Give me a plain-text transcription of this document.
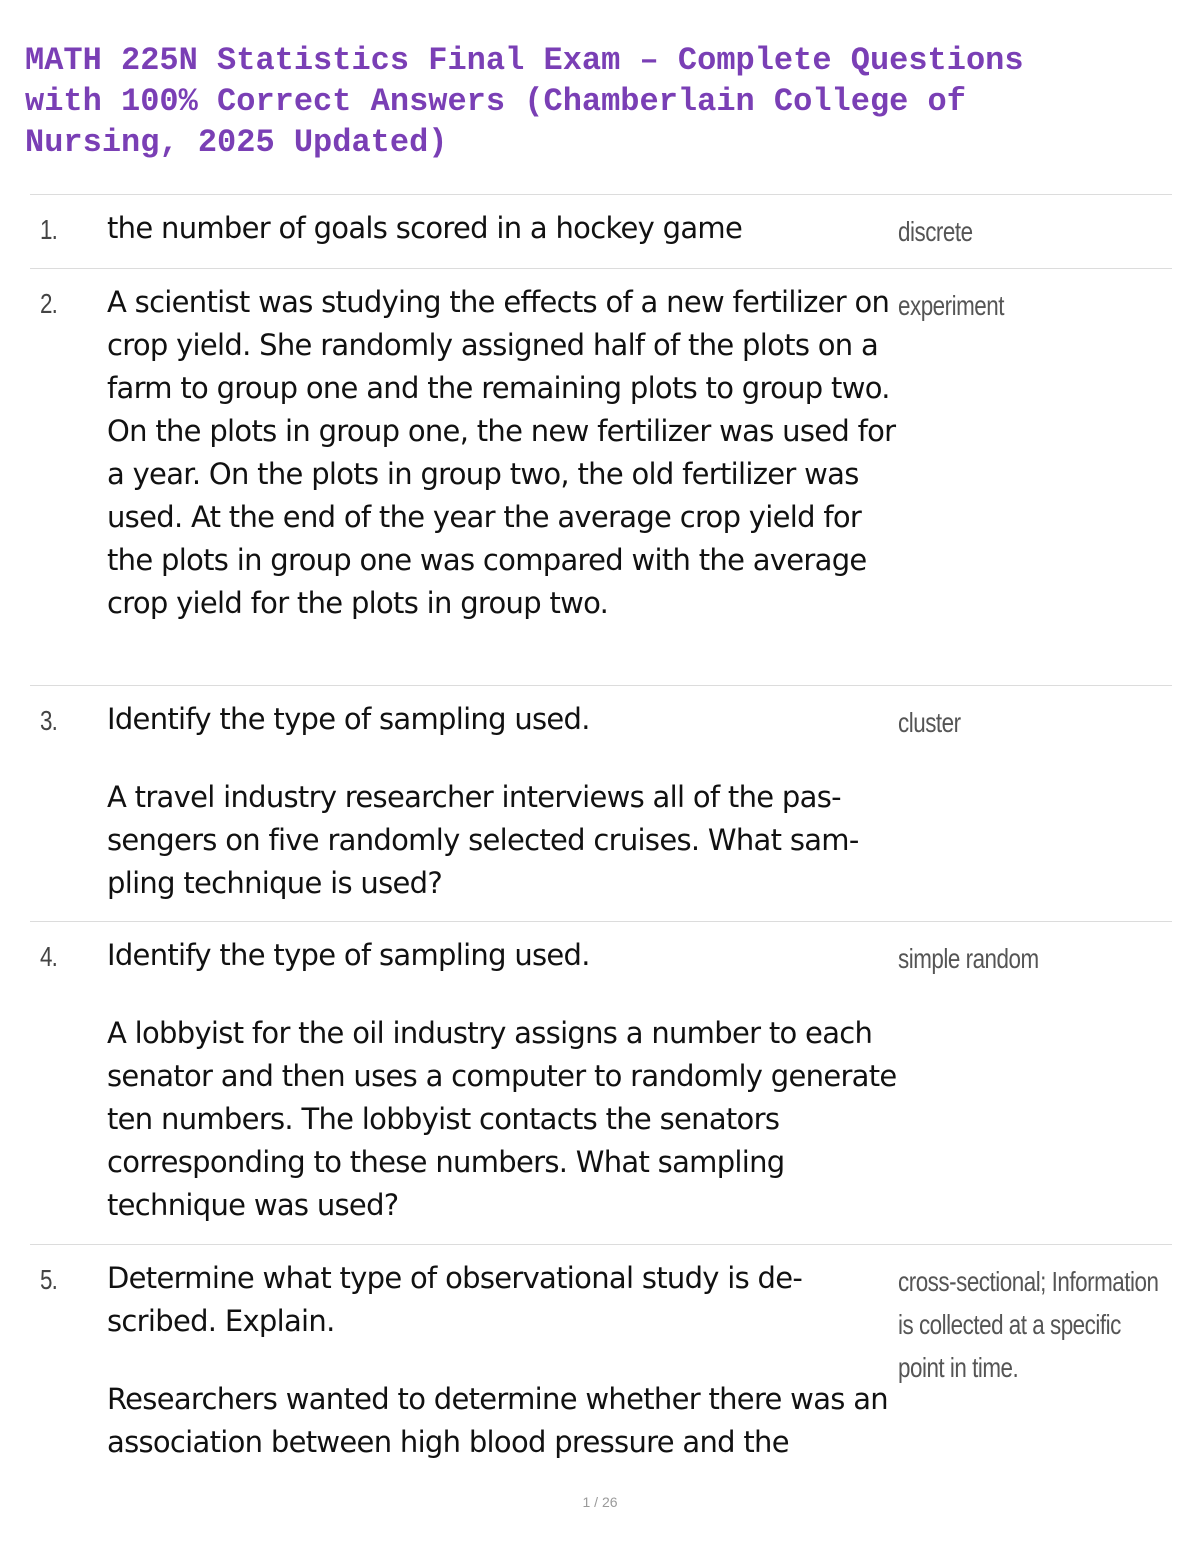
MATH 225N Statistics Final Exam – Complete Questions
with 100% Correct Answers (Chamberlain College of
Nursing, 2025 Updated)
1. the number of goals scored in a hockey game	discrete
2. A scientist was studying the effects of a new fertilizer on crop yield. She randomly assigned half of the plots on a farm to group one and the remaining plots to group two. On the plots in group one, the new fertilizer was used for a year. On the plots in group two, the old fertilizer was used. At the end of the year the average crop yield for the plots in group one was compared with the average crop yield for the plots in group two.

experiment
3. Identify the type of sampling used.

A travel industry researcher interviews all of the passengers on five randomly selected cruises. What sampling technique is used?

cluster
4. Identify the type of sampling used.

A lobbyist for the oil industry assigns a number to each senator and then uses a computer to randomly generate ten numbers. The lobbyist contacts the senators corresponding to these numbers. What sampling technique was used?

simple random
5. Determine what type of observational study is described. Explain.

Researchers wanted to determine whether there was an association between high blood pressure and the

cross-sectional; Information is collected at a specific point in time.
1 / 26
